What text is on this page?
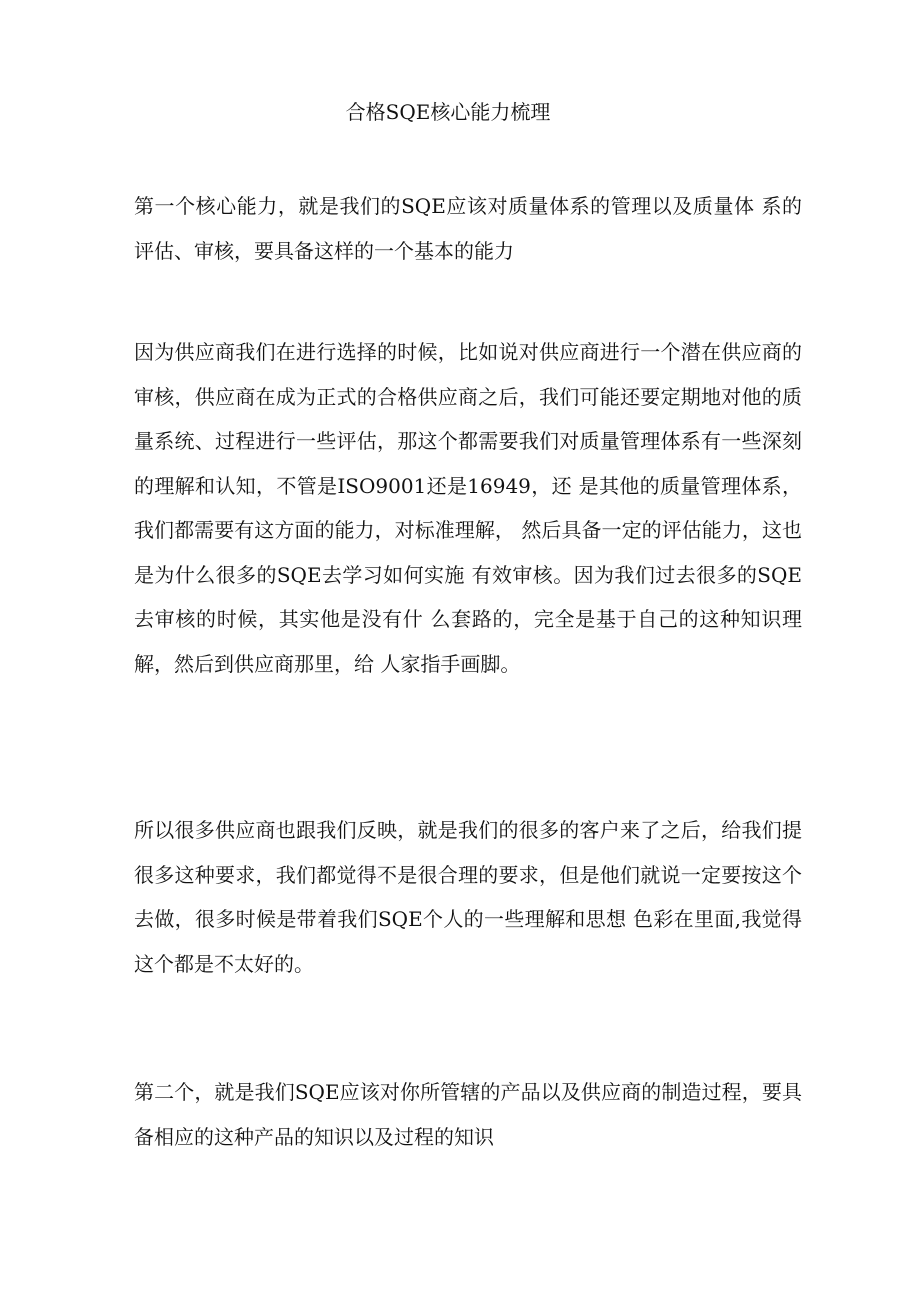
合格SQE核心能力梳理

第一个核心能力，就是我们的SQE应该对质量体系的管理以及质量体 系的评估、审核，要具备这样的一个基本的能力

因为供应商我们在进行选择的时候，比如说对供应商进行一个潜在供应商的审核，供应商在成为正式的合格供应商之后，我们可能还要定期地对他的质量系统、过程进行一些评估，那这个都需要我们对质量管理体系有一些深刻的理解和认知，不管是ISO9001还是16949，还 是其他的质量管理体系，我们都需要有这方面的能力，对标准理解， 然后具备一定的评估能力，这也是为什么很多的SQE去学习如何实施 有效审核。因为我们过去很多的SQE去审核的时候，其实他是没有什 么套路的，完全是基于自己的这种知识理解，然后到供应商那里，给 人家指手画脚。

所以很多供应商也跟我们反映，就是我们的很多的客户来了之后，给我们提很多这种要求，我们都觉得不是很合理的要求，但是他们就说一定要按这个去做，很多时候是带着我们SQE个人的一些理解和思想 色彩在里面,我觉得这个都是不太好的。

第二个，就是我们SQE应该对你所管辖的产品以及供应商的制造过程，要具备相应的这种产品的知识以及过程的知识
